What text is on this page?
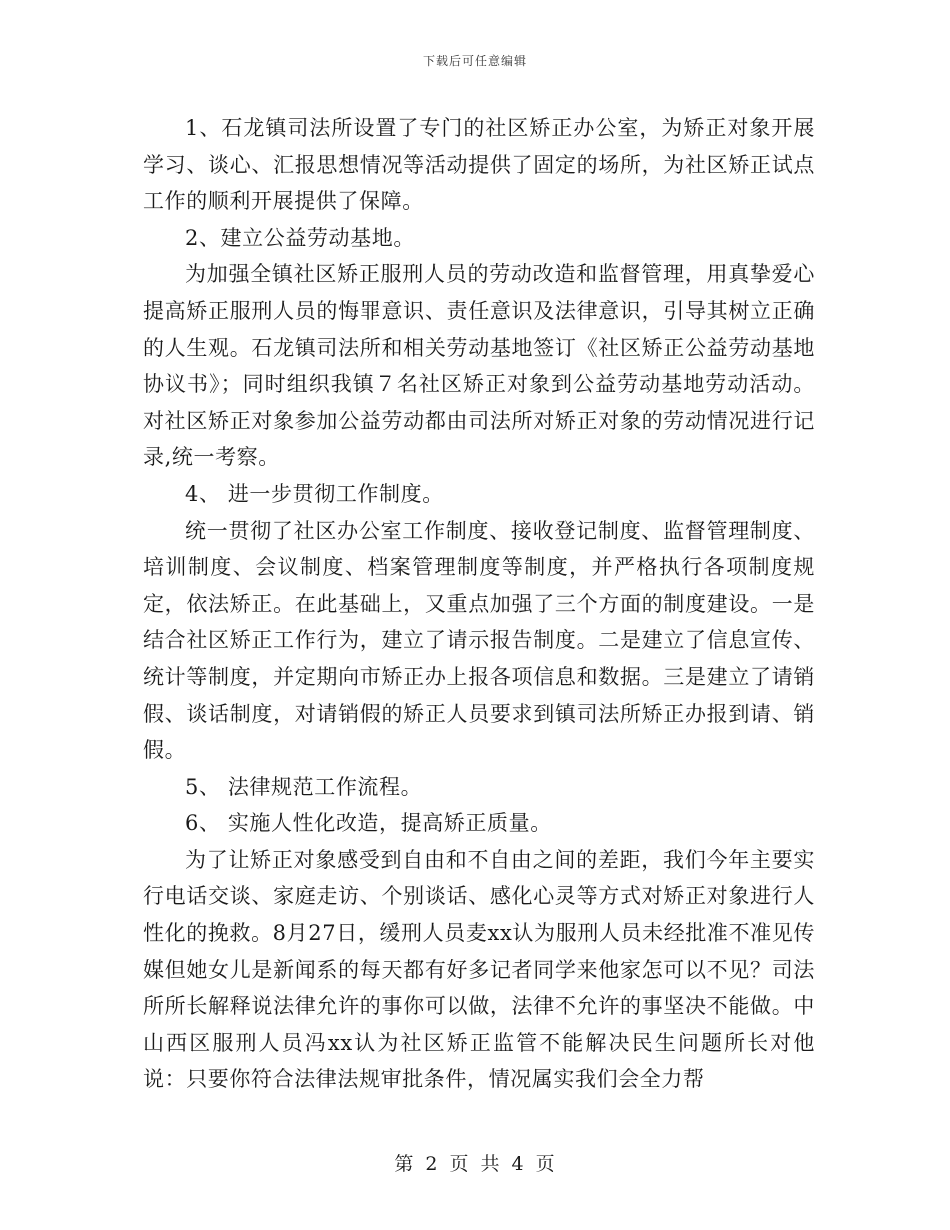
下载后可任意编辑

1、石龙镇司法所设置了专门的社区矫正办公室，为矫正对象开展学习、谈心、汇报思想情况等活动提供了固定的场所，为社区矫正试点工作的顺利开展提供了保障。

2、建立公益劳动基地。

为加强全镇社区矫正服刑人员的劳动改造和监督管理，用真挚爱心提高矫正服刑人员的悔罪意识、责任意识及法律意识，引导其树立正确的人生观。石龙镇司法所和相关劳动基地签订《社区矫正公益劳动基地协议书》；同时组织我镇７名社区矫正对象到公益劳动基地劳动活动。对社区矫正对象参加公益劳动都由司法所对矫正对象的劳动情况进行记录,统一考察。

4、 进一步贯彻工作制度。

统一贯彻了社区办公室工作制度、接收登记制度、监督管理制度、培训制度、会议制度、档案管理制度等制度，并严格执行各项制度规定，依法矫正。在此基础上，又重点加强了三个方面的制度建设。一是结合社区矫正工作行为，建立了请示报告制度。二是建立了信息宣传、统计等制度，并定期向市矫正办上报各项信息和数据。三是建立了请销假、谈话制度，对请销假的矫正人员要求到镇司法所矫正办报到请、销假。

5、 法律规范工作流程。

6、 实施人性化改造，提高矫正质量。

为了让矫正对象感受到自由和不自由之间的差距，我们今年主要实行电话交谈、家庭走访、个别谈话、感化心灵等方式对矫正对象进行人性化的挽救。8月27日，缓刑人员麦xx认为服刑人员未经批准不准见传媒但她女儿是新闻系的每天都有好多记者同学来他家怎可以不见？司法所所长解释说法律允许的事你可以做，法律不允许的事坚决不能做。中山西区服刑人员冯xx认为社区矫正监管不能解决民生问题所长对他说：只要你符合法律法规审批条件，情况属实我们会全力帮

第 2 页 共 4 页
